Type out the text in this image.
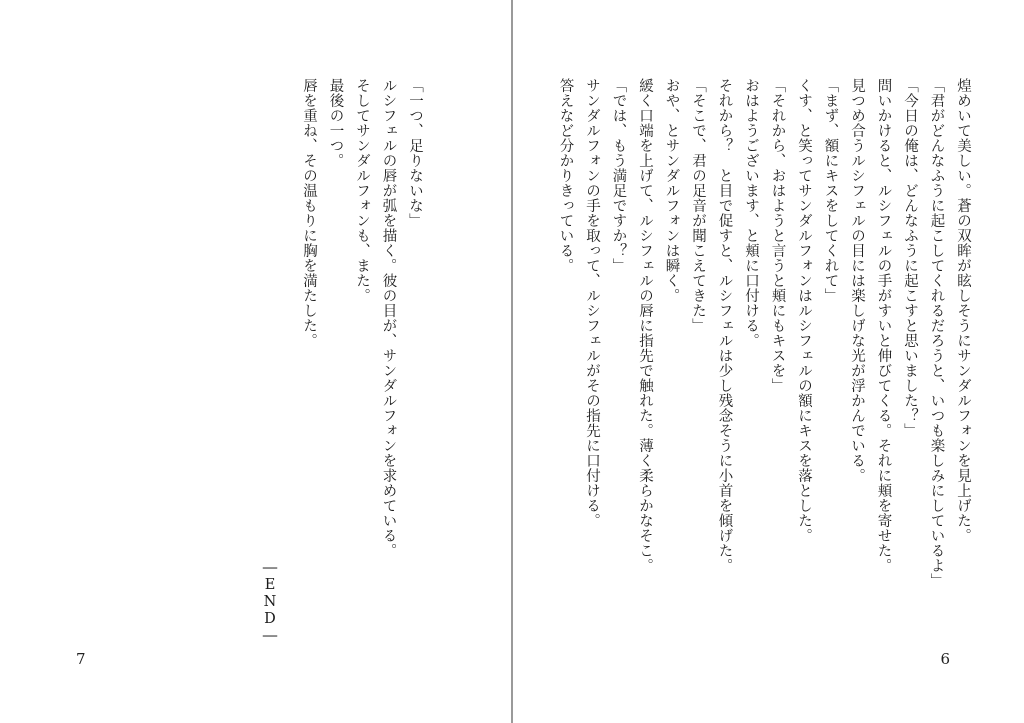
「一つ、足りないな」
ルシフェルの唇が弧を描く。彼の目が、サンダルフォンを求めている。
そしてサンダルフォンも、また。
最後の一つ。
唇を重ね、その温もりに胸を満たした。
―END―
7
煌めいて美しい。蒼の双眸が眩しそうにサンダルフォンを見上げた。
「君がどんなふうに起こしてくれるだろうと、いつも楽しみにしているよ」
「今日の俺は、どんなふうに起こすと思いました？」
問いかけると、ルシフェルの手がすいと伸びてくる。それに頬を寄せた。
見つめ合うルシフェルの目には楽しげな光が浮かんでいる。
「まず、額にキスをしてくれて」
くす、と笑ってサンダルフォンはルシフェルの額にキスを落とした。
「それから、おはようと言うと頬にもキスを」
おはようございます、と頬に口付ける。
それから？　と目で促すと、ルシフェルは少し残念そうに小首を傾げた。
「そこで、君の足音が聞こえてきた」
おや、とサンダルフォンは瞬く。
緩く口端を上げて、ルシフェルの唇に指先で触れた。薄く柔らかなそこ。
「では、もう満足ですか？」
サンダルフォンの手を取って、ルシフェルがその指先に口付ける。
答えなど分かりきっている。
6
